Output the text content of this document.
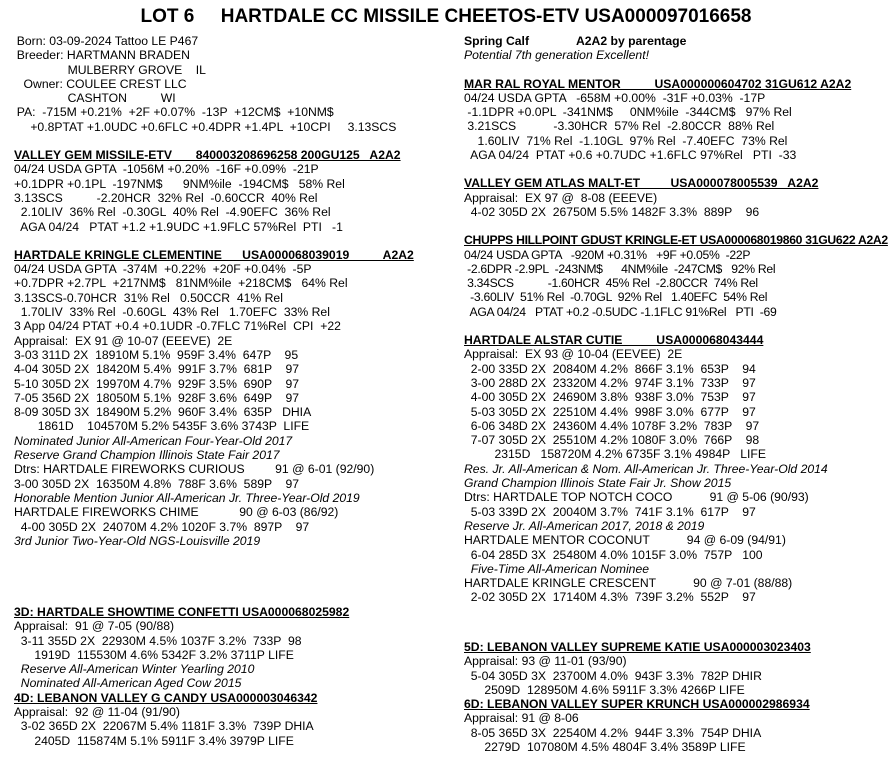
LOT 6     HARTDALE CC MISSILE CHEETOS-ETV USA000097016658
Born: 03-09-2024 Tattoo LE P467
Breeder: HARTMANN BRADEN
MULBERRY GROVE    IL
Owner: COULEE CREST LLC
CASHTON          WI
PA:  -715M +0.21%  +2F +0.07%  -13P  +12CM$  +10NM$
+0.8PTAT +1.0UDC +0.6FLC +0.4DPR +1.4PL  +10CPI     3.13SCS
VALLEY GEM MISSILE-ETV       840003208696258 200GU125   A2A2
04/24 USDA GPTA  -1056M +0.20%  -16F +0.09%  -21P
+0.1DPR +0.1PL  -197NM$      9NM%ile  -194CM$   58% Rel
3.13SCS          -2.20HCR  32% Rel  -0.60CCR  40% Rel
2.10LIV  36% Rel  -0.30GL  40% Rel  -4.90EFC  36% Rel
AGA 04/24   PTAT +1.2 +1.9UDC +1.9FLC 57%Rel  PTI   -1
HARTDALE KRINGLE CLEMENTINE      USA000068039019          A2A2
04/24 USDA GPTA  -374M  +0.22%  +20F +0.04%  -5P
+0.7DPR +2.7PL  +217NM$   81NM%ile  +218CM$   64% Rel
3.13SCS-0.70HCR  31% Rel   0.50CCR  41% Rel
1.70LIV  33% Rel  -0.60GL  43% Rel   1.70EFC  33% Rel
3 App 04/24 PTAT +0.4 +0.1UDR -0.7FLC 71%Rel  CPI  +22
Appraisal:  EX 91 @ 10-07 (EEEVE)  2E
3-03 311D 2X  18910M 5.1%  959F 3.4%  647P    95
4-04 305D 2X  18420M 5.4%  991F 3.7%  681P    97
5-10 305D 2X  19970M 4.7%  929F 3.5%  690P    97
7-05 356D 2X  18050M 5.1%  928F 3.6%  649P    97
8-09 305D 3X  18490M 5.2%  960F 3.4%  635P   DHIA
1861D    104570M 5.2% 5435F 3.6% 3743P  LIFE
Nominated Junior All-American Four-Year-Old 2017
Reserve Grand Champion Illinois State Fair 2017
Dtrs: HARTDALE FIREWORKS CURIOUS         91 @ 6-01 (92/90)
3-00 305D 2X  16350M 4.8%  788F 3.6%  589P    97
Honorable Mention Junior All-American Jr. Three-Year-Old 2019
HARTDALE FIREWORKS CHIME            90 @ 6-03 (86/92)
4-00 305D 2X  24070M 4.2% 1020F 3.7%  897P    97
3rd Junior Two-Year-Old NGS-Louisville 2019
3D: HARTDALE SHOWTIME CONFETTI USA000068025982
Appraisal:  91 @ 7-05 (90/88)
3-11 355D 2X  22930M 4.5% 1037F 3.2%  733P  98
1919D  115530M 4.6% 5342F 3.2% 3711P LIFE
Reserve All-American Winter Yearling 2010
Nominated All-American Aged Cow 2015
4D: LEBANON VALLEY G CANDY USA000003046342
Appraisal:  92 @ 11-04 (91/90)
3-02 365D 2X  22067M 5.4% 1181F 3.3%  739P DHIA
2405D  115874M 5.1% 5911F 3.4% 3979P LIFE
Spring Calf              A2A2 by parentage
Potential 7th generation Excellent!
MAR RAL ROYAL MENTOR          USA000000604702 31GU612 A2A2
04/24 USDA GPTA   -658M +0.00%  -31F +0.03%  -17P
-1.1DPR +0.0PL  -341NM$     0NM%ile  -344CM$   97% Rel
3.21SCS           -3.30HCR  57% Rel  -2.80CCR  88% Rel
1.60LIV  71% Rel  -1.10GL  97% Rel  -7.40EFC  73% Rel
AGA 04/24  PTAT +0.6 +0.7UDC +1.6FLC 97%Rel   PTI  -33
VALLEY GEM ATLAS MALT-ET         USA000078005539   A2A2
Appraisal:  EX 97 @  8-08 (EEEVE)
4-02 305D 2X  26750M 5.5% 1482F 3.3%  889P    96
CHUPPS HILLPOINT GDUST KRINGLE-ET USA000068019860 31GU622 A2A2
04/24 USDA GPTA   -920M +0.31%   +9F +0.05%  -22P
-2.6DPR -2.9PL  -243NM$      4NM%ile  -247CM$   92% Rel
3.34SCS           -1.60HCR  45% Rel  -2.80CCR  74% Rel
-3.60LIV  51% Rel  -0.70GL  92% Rel   1.40EFC  54% Rel
AGA 04/24   PTAT +0.2 -0.5UDC -1.1FLC 91%Rel   PTI  -69
HARTDALE ALSTAR CUTIE          USA000068043444
Appraisal:  EX 93 @ 10-04 (EEVEE)  2E
2-00 335D 2X  20840M 4.2%  866F 3.1%  653P    94
3-00 288D 2X  23320M 4.2%  974F 3.1%  733P    97
4-00 305D 2X  24690M 3.8%  938F 3.0%  753P    97
5-03 305D 2X  22510M 4.4%  998F 3.0%  677P    97
6-06 348D 2X  24360M 4.4% 1078F 3.2%  783P    97
7-07 305D 2X  25510M 4.2% 1080F 3.0%  766P    98
2315D   158720M 4.2% 6735F 3.1% 4984P   LIFE
Res. Jr. All-American & Nom. All-American Jr. Three-Year-Old 2014
Grand Champion Illinois State Fair Jr. Show 2015
Dtrs: HARTDALE TOP NOTCH COCO           91 @ 5-06 (90/93)
5-03 339D 2X  20040M 3.7%  741F 3.1%  617P    97
Reserve Jr. All-American 2017, 2018 & 2019
HARTDALE MENTOR COCONUT           94 @ 6-09 (94/91)
6-04 285D 3X  25480M 4.0% 1015F 3.0%  757P   100
Five-Time All-American Nominee
HARTDALE KRINGLE CRESCENT           90 @ 7-01 (88/88)
2-02 305D 2X  17140M 4.3%  739F 3.2%  552P    97
5D: LEBANON VALLEY SUPREME KATIE USA000003023403
Appraisal: 93 @ 11-01 (93/90)
5-04 305D 3X  23700M 4.0%  943F 3.3%  782P DHIR
2509D  128950M 4.6% 5911F 3.3% 4266P LIFE
6D: LEBANON VALLEY SUPER KRUNCH USA000002986934
Appraisal: 91 @ 8-06
8-05 365D 3X  22540M 4.2%  944F 3.3%  754P DHIA
2279D  107080M 4.5% 4804F 3.4% 3589P LIFE
